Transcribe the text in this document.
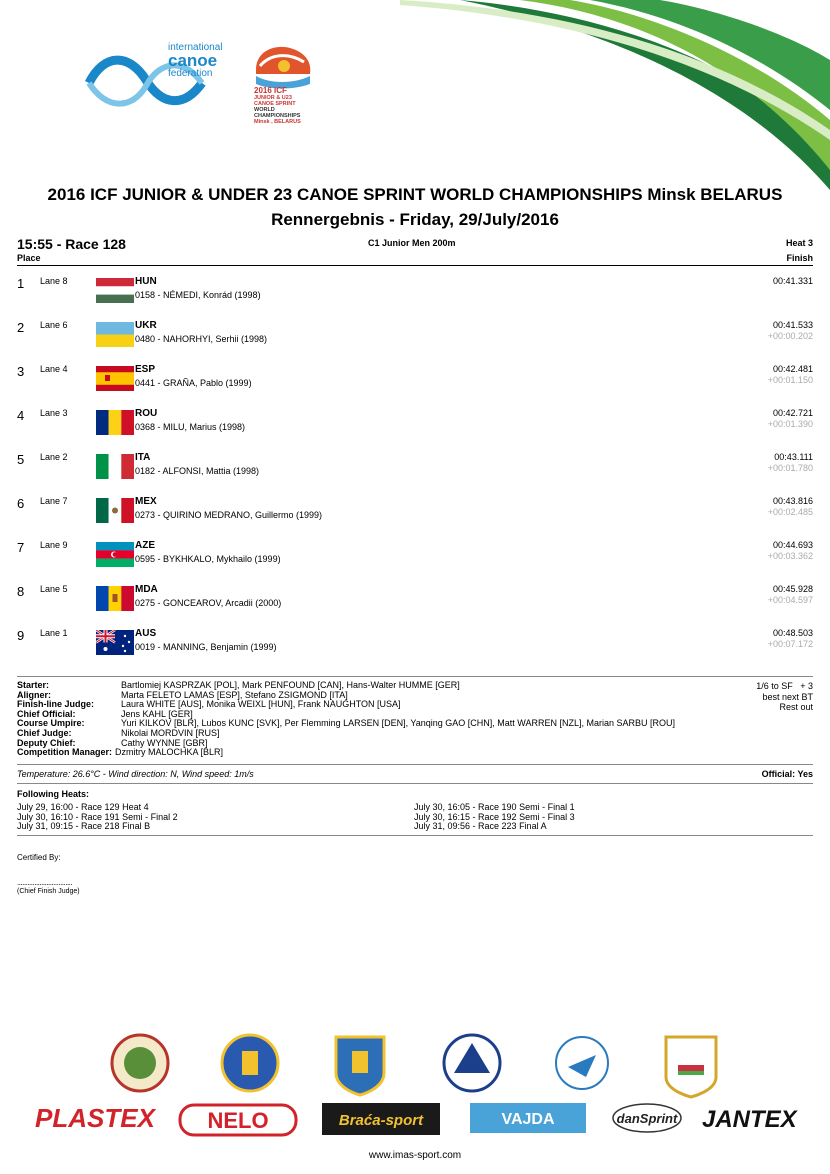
international
canoe
federation
2016 ICF
JUNIOR & U23
CANOE SPRINT
WORLD CHAMPIONSHIPS
Minsk , BELARUS
2016 ICF JUNIOR & UNDER 23 CANOE SPRINT WORLD CHAMPIONSHIPS Minsk BELARUS
Rennergebnis - Friday, 29/July/2016
15:55 - Race 128	C1 Junior Men 200m	Heat 3
Place	Finish
1 Lane 8	HUN
0158 - NÉMEDI, Konrád (1998)
00:41.331
2 Lane 6	UKR
0480 - NAHORHYI, Serhii (1998)
00:41.533
+00:00.202
3 Lane 4	ESP
0441 - GRAÑA, Pablo (1999)
00:42.481
+00:01.150
4 Lane 3	ROU
0368 - MILU, Marius (1998)
00:42.721
+00:01.390
5 Lane 2	ITA
0182 - ALFONSI, Mattia (1998)
00:43.111
+00:01.780
6 Lane 7	MEX
0273 - QUIRINO MEDRANO, Guillermo (1999)
00:43.816
+00:02.485
7 Lane 9	AZE
0595 - BYKHKALO, Mykhailo (1999)
00:44.693
+00:03.362
8 Lane 5	MDA
0275 - GONCEAROV, Arcadii (2000)
00:45.928
+00:04.597
9 Lane 1	AUS
0019 - MANNING, Benjamin (1999)
00:48.503
+00:07.172
Starter:	Bartlomiej KASPRZAK [POL], Mark PENFOUND [CAN], Hans-Walter HUMME [GER]
Aligner:	Marta FELETO LAMAS [ESP], Stefano ZSIGMOND [ITA]
Finish-line Judge:	Laura WHITE [AUS], Monika WEIXL [HUN], Frank NAUGHTON [USA]
Chief Official:	Jens KAHL [GER]
Course Umpire:	Yuri KILKOV [BLR], Lubos KUNC [SVK], Per Flemming LARSEN [DEN], Yanqing GAO [CHN], Matt WARREN [NZL], Marian SARBU [ROU]
Chief Judge:	Nikolai MORDVIN [RUS]
Deputy Chief:	Cathy WYNNE [GBR]
Competition Manager: Dzmitry MALOCHKA [BLR]
1/6 to SF   + 3
best next BT
Rest out
Temperature: 26.6°C - Wind direction: N, Wind speed: 1m/s	Official: Yes
Following Heats:
July 29, 16:00 - Race 129 Heat 4
July 30, 16:10 - Race 191 Semi - Final 2
July 31, 09:15 - Race 218 Final B
July 30, 16:05 - Race 190 Semi - Final 1
July 30, 16:15 - Race 192 Semi - Final 3
July 31, 09:56 - Race 223 Final A
Certified By:
................................
(Chief Finish Judge)
PLASTEX NELO	Braća-sport	VAJDA	danSprint JANTEX
www.imas-sport.com
